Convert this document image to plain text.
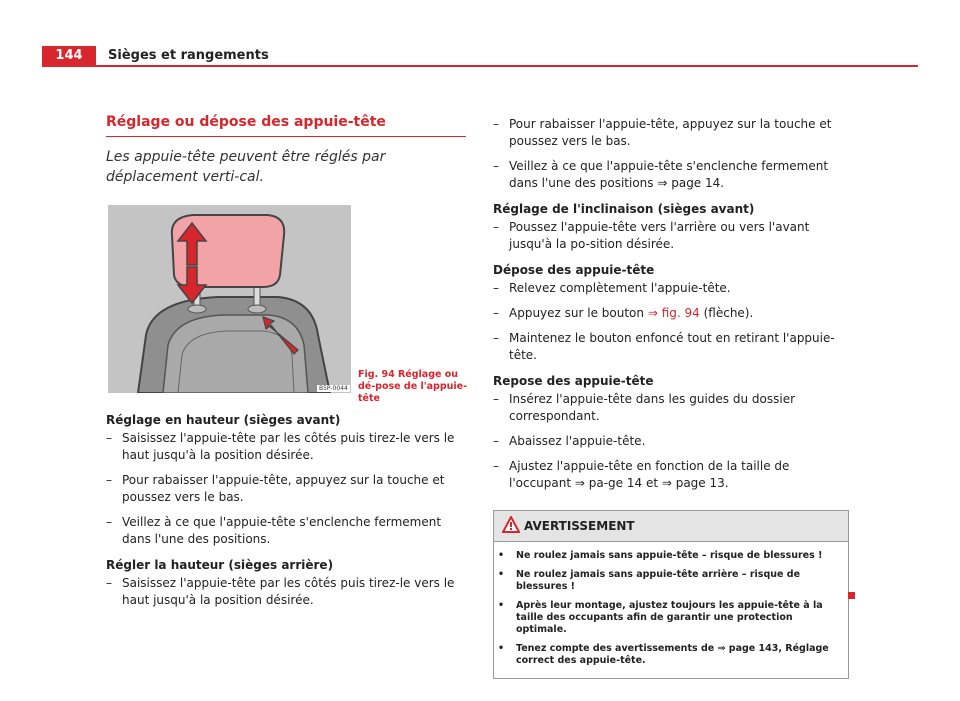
144	Sièges et rangements
Réglage ou dépose des appuie-tête
Les appuie-tête peuvent être réglés par déplacement verti-cal.
B5P-0044
Fig. 94 Réglage ou dé-pose de l'appuie-tête
Réglage en hauteur (sièges avant)
– Saisissez l'appuie-tête par les côtés puis tirez-le vers le haut jusqu'à la position désirée.
– Pour rabaisser l'appuie-tête, appuyez sur la touche et poussez vers le bas.
– Veillez à ce que l'appuie-tête s'enclenche fermement dans l'une des positions.
Régler la hauteur (sièges arrière)
– Saisissez l'appuie-tête par les côtés puis tirez-le vers le haut jusqu'à la position désirée.
– Pour rabaisser l'appuie-tête, appuyez sur la touche et poussez vers le bas.
– Veillez à ce que l'appuie-tête s'enclenche fermement dans l'une des positions ⇒ page 14.
Réglage de l'inclinaison (sièges avant)
– Poussez l'appuie-tête vers l'arrière ou vers l'avant jusqu'à la po-sition désirée.
Dépose des appuie-tête
– Relevez complètement l'appuie-tête.
– Appuyez sur le bouton ⇒ fig. 94 (flèche).
– Maintenez le bouton enfoncé tout en retirant l'appuie-tête.
Repose des appuie-tête
– Insérez l'appuie-tête dans les guides du dossier correspondant.
– Abaissez l'appuie-tête.
– Ajustez l'appuie-tête en fonction de la taille de l'occupant ⇒ pa-ge 14 et ⇒ page 13.
AVERTISSEMENT
• Ne roulez jamais sans appuie-tête – risque de blessures !
• Ne roulez jamais sans appuie-tête arrière – risque de blessures !
• Après leur montage, ajustez toujours les appuie-tête à la taille des occupants afin de garantir une protection optimale.
• Tenez compte des avertissements de ⇒ page 143, Réglage correct des appuie-tête.
